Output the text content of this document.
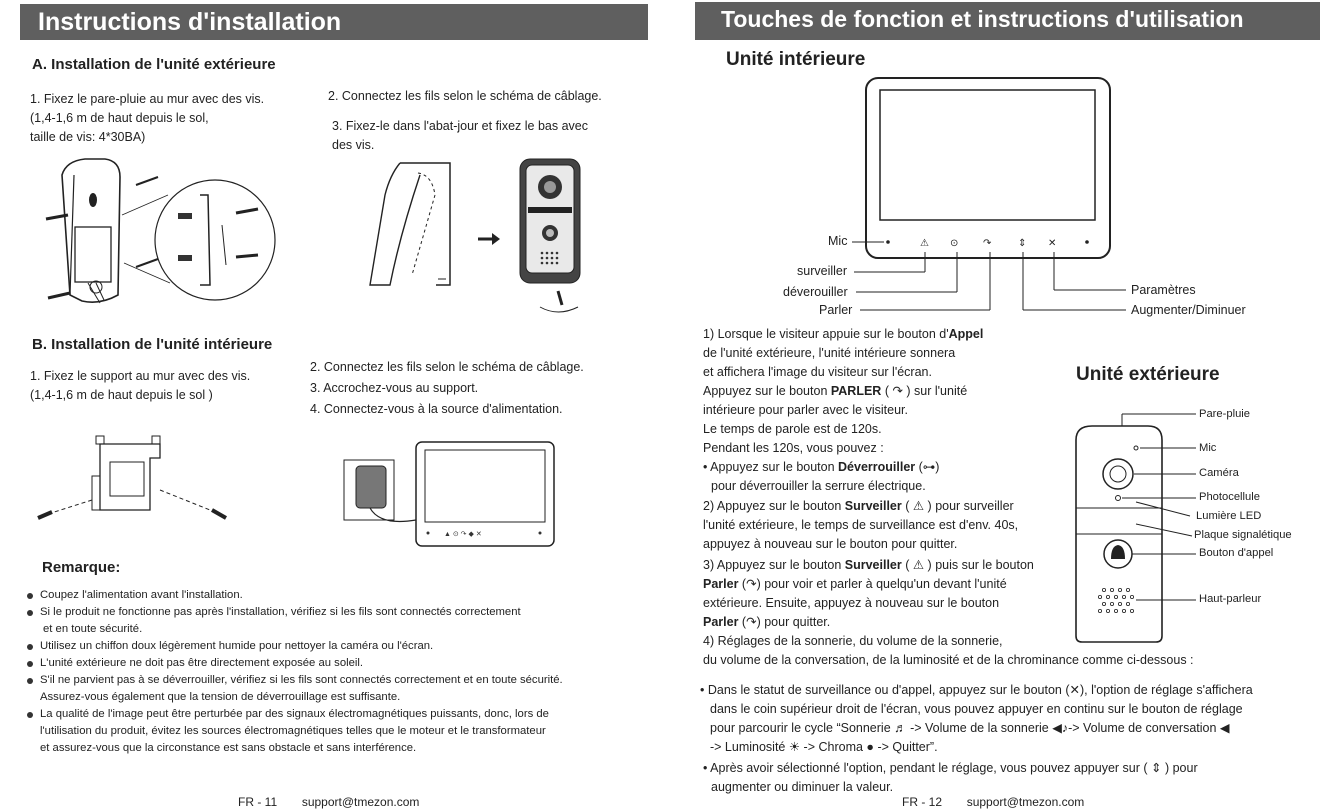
Instructions d'installation
A. Installation de l'unité extérieure
1. Fixez le pare-pluie au mur avec des vis.
(1,4-1,6 m de haut depuis le sol,
taille de vis: 4*30BA)
2. Connectez les fils selon le schéma de câblage.
3. Fixez-le dans l'abat-jour et fixez le bas avec
des vis.
B. Installation de l'unité intérieure
1. Fixez le support au mur avec des vis.
(1,4-1,6 m de haut depuis le sol )
2. Connectez les fils selon le schéma de câblage.
3. Accrochez-vous au support.
4. Connectez-vous à la source d'alimentation.
▲ ⊙ ↷ ◆ ✕
Remarque:
Coupez l'alimentation avant l'installation.
Si le produit ne fonctionne pas après l'installation, vérifiez si les fils sont connectés correctement
et en toute sécurité.
Utilisez un chiffon doux légèrement humide pour nettoyer la caméra ou l'écran.
L'unité extérieure ne doit pas être directement exposée au soleil.
S'il ne parvient pas à se déverrouiller, vérifiez si les fils sont connectés correctement et en toute sécurité.
Assurez-vous également que la tension de déverrouillage est suffisante.
La qualité de l'image peut être perturbée par des signaux électromagnétiques puissants, donc, lors de
l'utilisation du produit, évitez les sources électromagnétiques telles que le moteur et le transformateur
et assurez-vous que la circonstance est sans obstacle et sans interférence.
FR - 11 support@tmezon.com
Touches de fonction et instructions d'utilisation
Unité intérieure
⚠ ⊙ ↷	⇕ ✕
Mic
surveiller
déverouiller
Parler
Paramètres
Augmenter/Diminuer
1) Lorsque le visiteur appuie sur le bouton d'Appel
de l'unité extérieure, l'unité intérieure sonnera
et affichera l'image du visiteur sur l'écran.
Appuyez sur le bouton PARLER ( ↷ ) sur l'unité
intérieure pour parler avec le visiteur.
Le temps de parole est de 120s.
Pendant les 120s, vous pouvez :
• Appuyez sur le bouton Déverrouiller (⊶)
pour déverrouiller la serrure électrique.
2) Appuyez sur le bouton Surveiller ( ⚠ ) pour surveiller
l'unité extérieure, le temps de surveillance est d'env. 40s,
appuyez à nouveau sur le bouton pour quitter.
3) Appuyez sur le bouton Surveiller ( ⚠ ) puis sur le bouton
Parler (↷) pour voir et parler à quelqu'un devant l'unité
extérieure. Ensuite, appuyez à nouveau sur le bouton
Parler (↷) pour quitter.
4) Réglages de la sonnerie, du volume de la sonnerie,
du volume de la conversation, de la luminosité et de la chrominance comme ci-dessous :
Unité extérieure
Pare-pluie
Mic
Caméra
Photocellule
Lumière LED
Plaque signalétique
Bouton d'appel
Haut-parleur
• Dans le statut de surveillance ou d'appel, appuyez sur le bouton (✕), l'option de réglage s'affichera
dans le coin supérieur droit de l'écran, vous pouvez appuyer en continu sur le bouton de réglage
pour parcourir le cycle “Sonnerie ♬ -> Volume de la sonnerie ◀♪-> Volume de conversation ◀
-> Luminosité ☀ -> Chroma ● -> Quitter”.
• Après avoir sélectionné l'option, pendant le réglage, vous pouvez appuyer sur ( ⇕ ) pour
augmenter ou diminuer la valeur.
FR - 12 support@tmezon.com
